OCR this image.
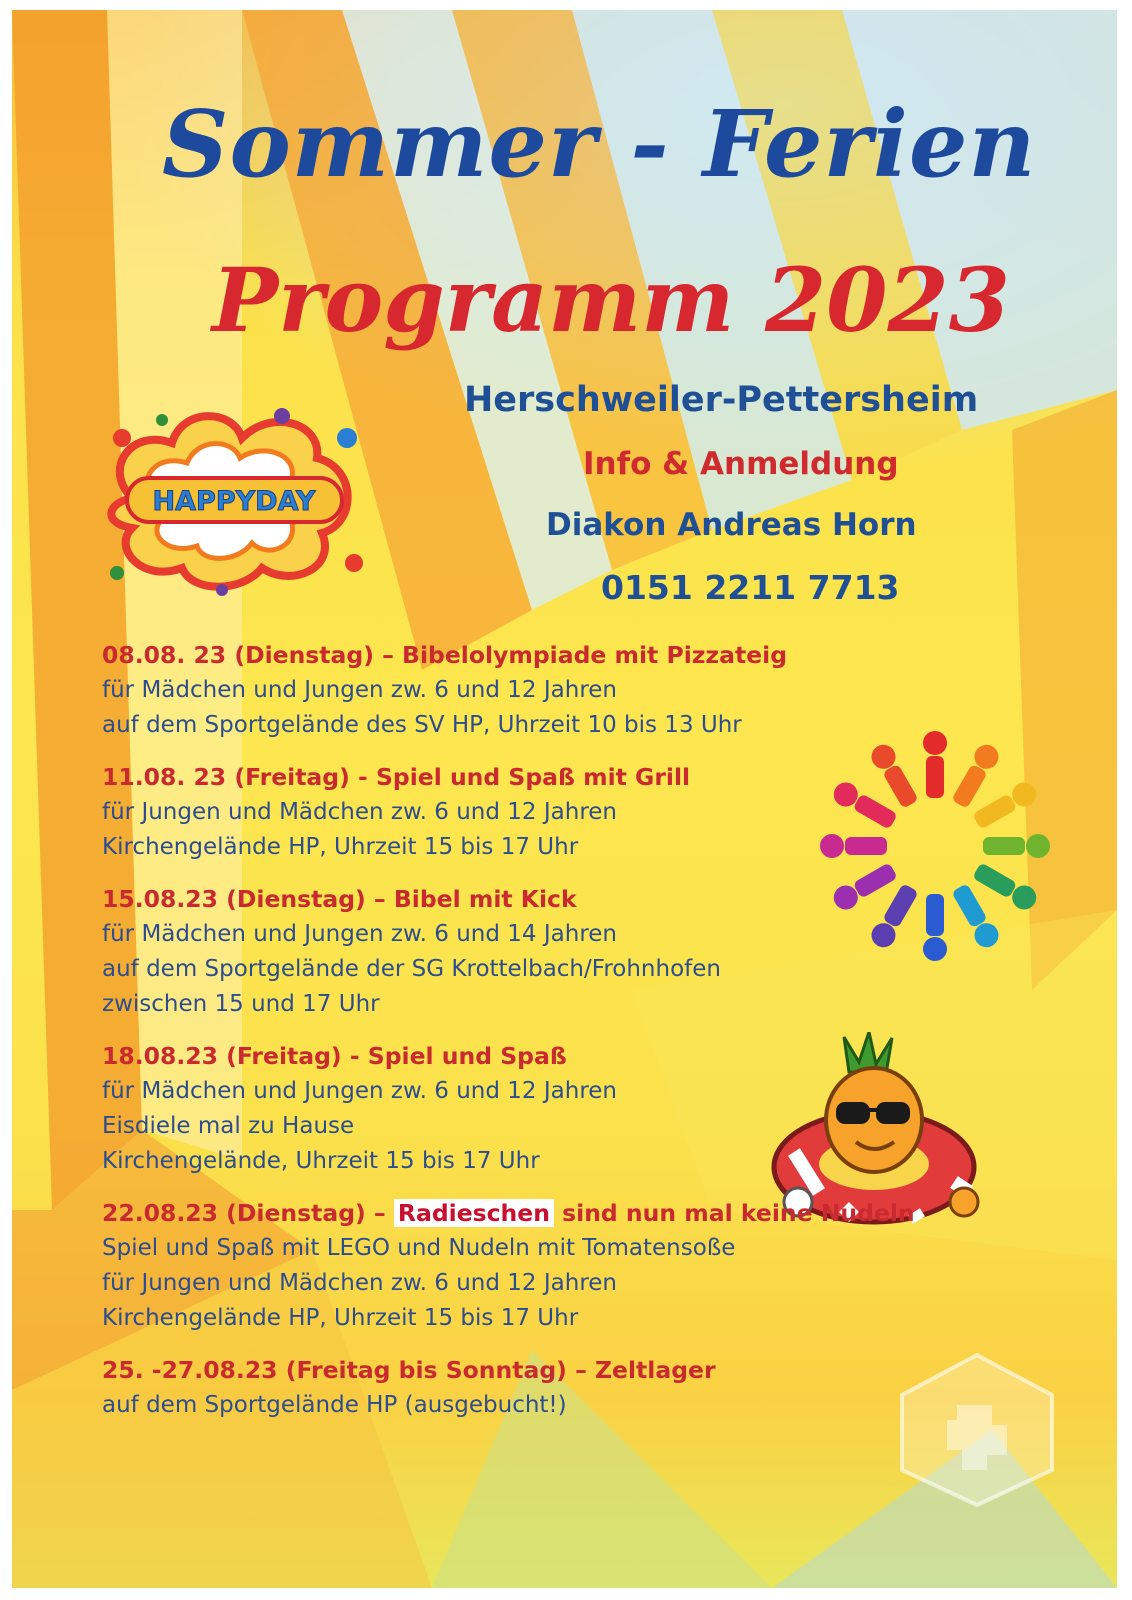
Sommer - Ferien
Programm 2023
Herschweiler-Pettersheim
Info & Anmeldung
Diakon Andreas Horn
0151 2211 7713
HAPPYDAY
08.08. 23 (Dienstag) – Bibelolympiade mit Pizzateig
für Mädchen und Jungen zw. 6 und 12 Jahren
auf dem Sportgelände des SV HP, Uhrzeit 10 bis 13 Uhr
11.08. 23 (Freitag) - Spiel und Spaß mit Grill
für Jungen und Mädchen zw. 6 und 12 Jahren
Kirchengelände HP, Uhrzeit 15 bis 17 Uhr
15.08.23 (Dienstag) – Bibel mit Kick
für Mädchen und Jungen zw. 6 und 14 Jahren
auf dem Sportgelände der SG Krottelbach/Frohnhofen
zwischen 15 und 17 Uhr
18.08.23 (Freitag) - Spiel und Spaß
für Mädchen und Jungen zw. 6 und 12 Jahren
Eisdiele mal zu Hause
Kirchengelände, Uhrzeit 15 bis 17 Uhr
22.08.23 (Dienstag) – Radieschen sind nun mal keine Nudeln
Spiel und Spaß mit LEGO und Nudeln mit Tomatensoße
für Jungen und Mädchen zw. 6 und 12 Jahren
Kirchengelände HP, Uhrzeit 15 bis 17 Uhr
25. -27.08.23 (Freitag bis Sonntag) – Zeltlager
auf dem Sportgelände HP (ausgebucht!)
